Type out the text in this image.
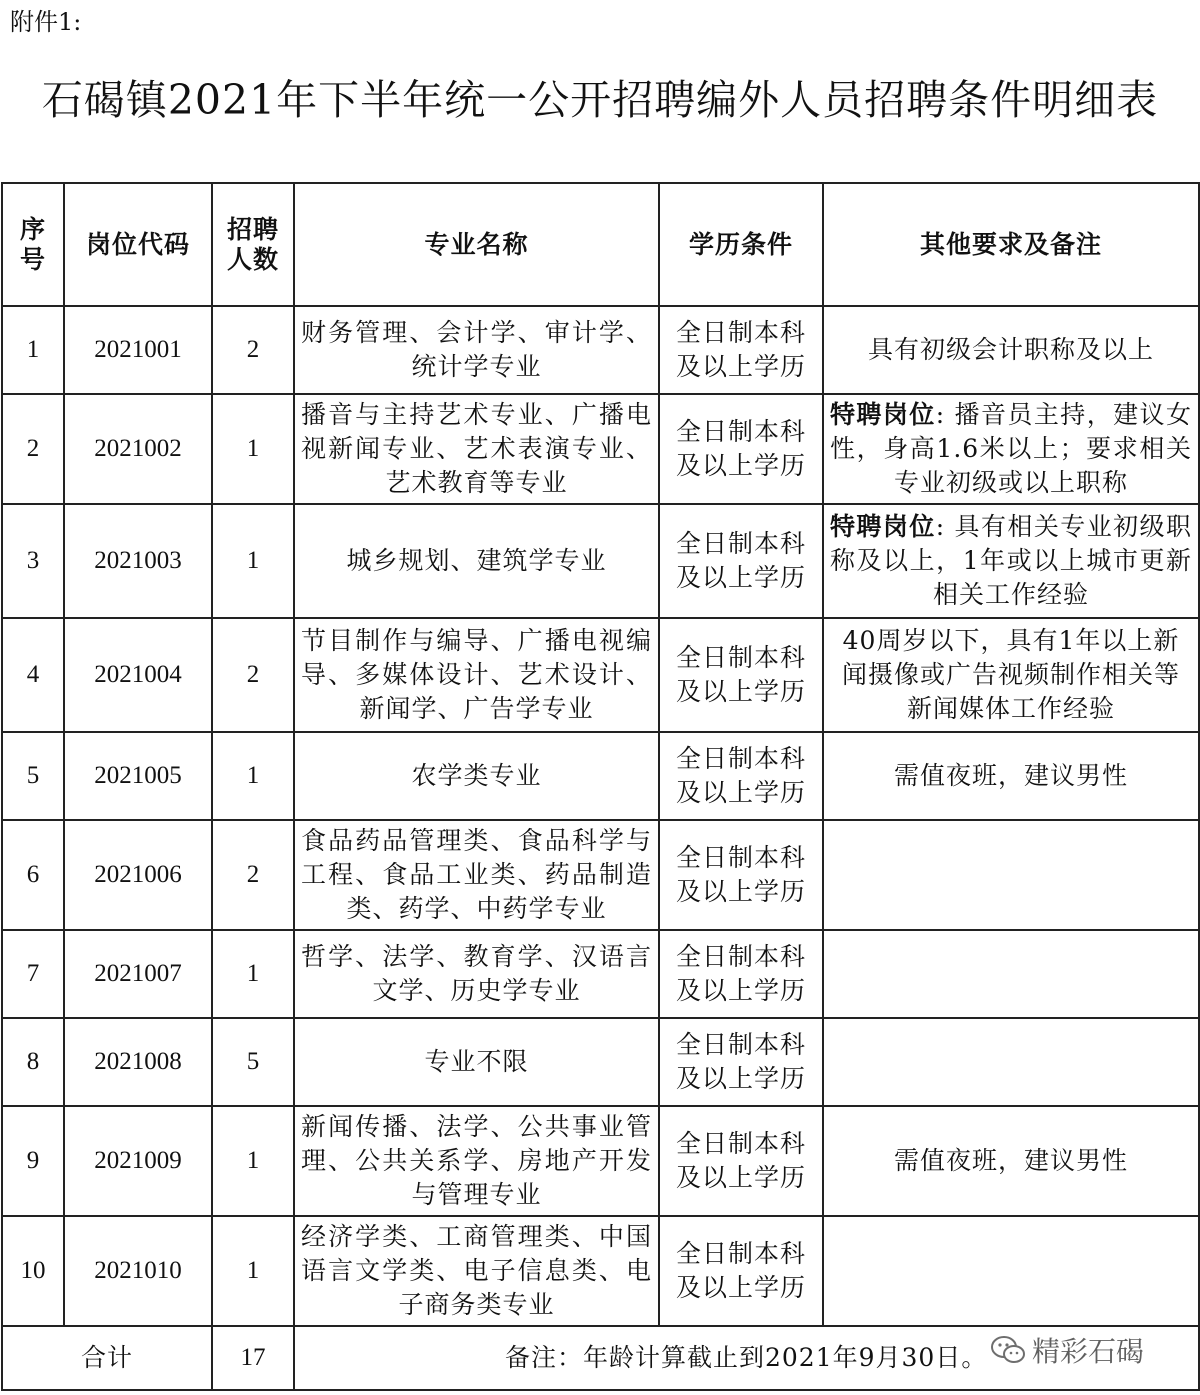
附件1:
石碣镇2021年下半年统一公开招聘编外人员招聘条件明细表
序号	岗位代码	招聘人数	专业名称	学历条件	其他要求及备注
1	2021001	2	财务管理、会计学、审计学、统计学专业	全日制本科及以上学历	具有初级会计职称及以上
2	2021002	1	播音与主持艺术专业、广播电视新闻专业、艺术表演专业、艺术教育等专业	全日制本科及以上学历	特聘岗位: 播音员主持，建议女性，身高1.6米以上；要求相关专业初级或以上职称
3	2021003	1	城乡规划、建筑学专业	全日制本科及以上学历	特聘岗位: 具有相关专业初级职称及以上，1年或以上城市更新相关工作经验
4	2021004	2	节目制作与编导、广播电视编导、多媒体设计、艺术设计、新闻学、广告学专业	全日制本科及以上学历	40周岁以下，具有1年以上新闻摄像或广告视频制作相关等新闻媒体工作经验
5	2021005	1	农学类专业	全日制本科及以上学历	需值夜班，建议男性
6	2021006	2	食品药品管理类、食品科学与工程、食品工业类、药品制造类、药学、中药学专业	全日制本科及以上学历	
7	2021007	1	哲学、法学、教育学、汉语言文学、历史学专业	全日制本科及以上学历	
8	2021008	5	专业不限	全日制本科及以上学历	
9	2021009	1	新闻传播、法学、公共事业管理、公共关系学、房地产开发与管理专业	全日制本科及以上学历	需值夜班，建议男性
10	2021010	1	经济学类、工商管理类、中国语言文学类、电子信息类、电子商务类专业	全日制本科及以上学历	
合计		17	备注：年龄计算截止到2021年9月30日。		精彩石碣
